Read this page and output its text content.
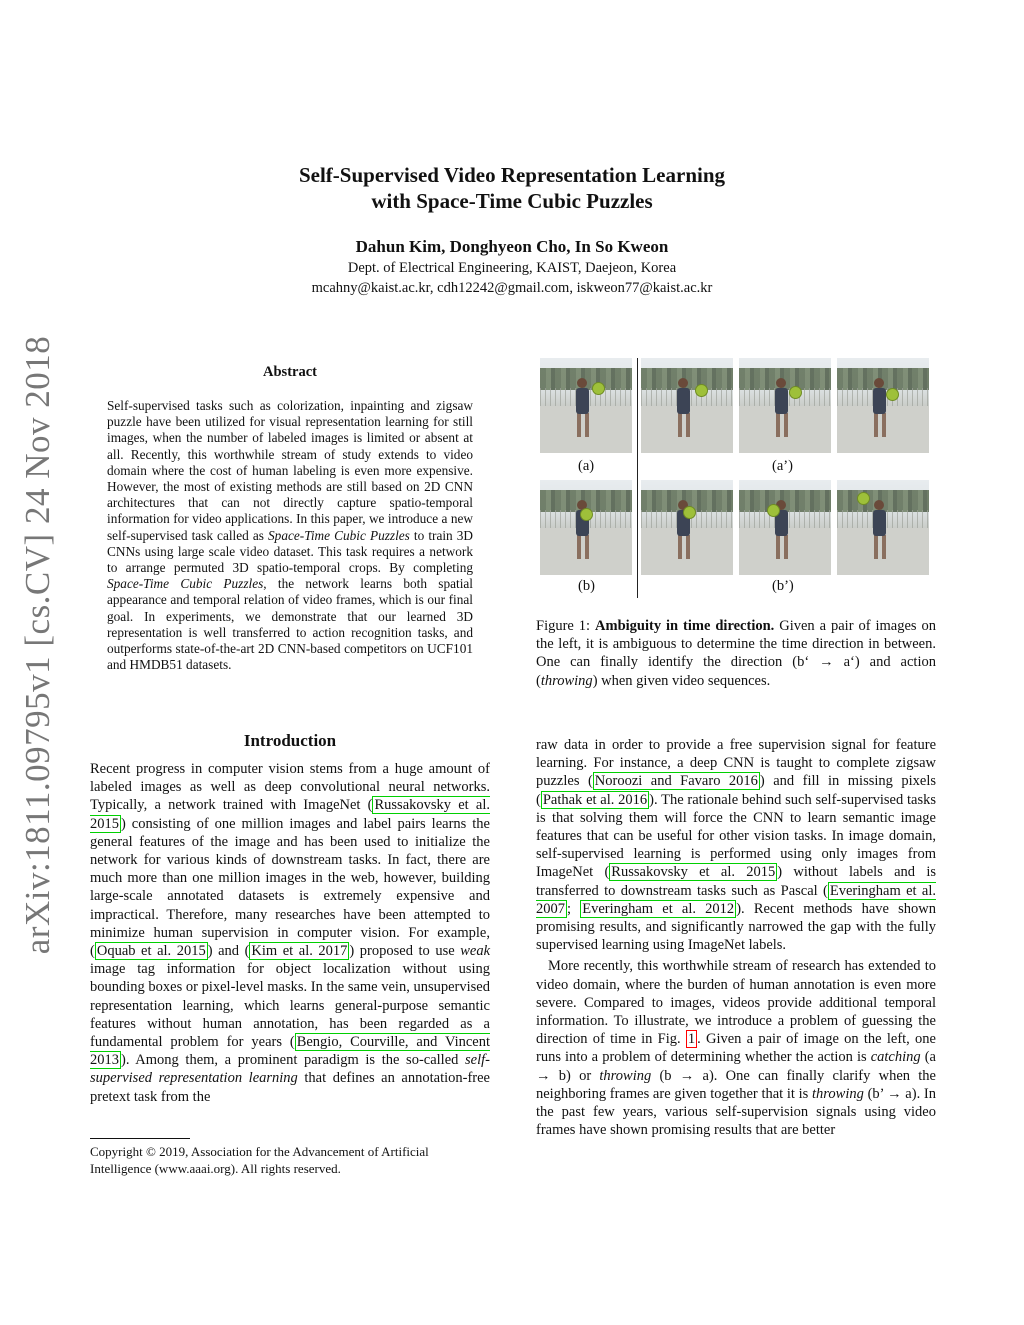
arXiv:1811.09795v1 [cs.CV] 24 Nov 2018
Self-Supervised Video Representation Learning
with Space-Time Cubic Puzzles
Dahun Kim, Donghyeon Cho, In So Kweon
Dept. of Electrical Engineering, KAIST, Daejeon, Korea
mcahny@kaist.ac.kr, cdh12242@gmail.com, iskweon77@kaist.ac.kr
Abstract
Self-supervised tasks such as colorization, inpainting and zigsaw puzzle have been utilized for visual representation learning for still images, when the number of labeled images is limited or absent at all. Recently, this worthwhile stream of study extends to video domain where the cost of human labeling is even more expensive. However, the most of existing methods are still based on 2D CNN architectures that can not directly capture spatio-temporal information for video applications. In this paper, we introduce a new self-supervised task called as Space-Time Cubic Puzzles to train 3D CNNs using large scale video dataset. This task requires a network to arrange permuted 3D spatio-temporal crops. By completing Space-Time Cubic Puzzles, the network learns both spatial appearance and temporal relation of video frames, which is our final goal. In experiments, we demonstrate that our learned 3D representation is well transferred to action recognition tasks, and outperforms state-of-the-art 2D CNN-based competitors on UCF101 and HMDB51 datasets.
Introduction

Recent progress in computer vision stems from a huge amount of labeled images as well as deep convolutional neural networks. Typically, a network trained with ImageNet ( Russakovsky et al. 2015 ) consisting of one million images and label pairs learns the general features of the image and has been used to initialize the network for various kinds of downstream tasks. In fact, there are much more than one million images in the web, however, building large-scale annotated datasets is extremely expensive and impractical. Therefore, many researches have been attempted to minimize human supervision in computer vision. For example, ( Oquab et al. 2015 ) and ( Kim et al. 2017 ) proposed to use weak image tag information for object localization without using bounding boxes or pixel-level masks. In the same vein, unsupervised representation learning, which learns general-purpose semantic features without human annotation, has been regarded as a fundamental problem for years ( Bengio, Courville, and Vincent 2013 ). Among them, a prominent paradigm is the so-called self-supervised representation learning that defines an annotation-free pretext task from the

Copyright © 2019, Association for the Advancement of Artificial Intelligence (www.aaai.org). All rights reserved.
(a)	(a’)
(b)	(b’)
Figure 1: Ambiguity in time direction. Given a pair of images on the left, it is ambiguous to determine the time direction in between. One can finally identify the direction (b‘ → a‘) and action (throwing) when given video sequences.

raw data in order to provide a free supervision signal for feature learning. For instance, a deep CNN is taught to complete zigsaw puzzles ( Noroozi and Favaro 2016 ) and fill in missing pixels ( Pathak et al. 2016 ). The rationale behind such self-supervised tasks is that solving them will force the CNN to learn semantic image features that can be useful for other vision tasks. In image domain, self-supervised learning is performed using only images from ImageNet ( Russakovsky et al. 2015 ) without labels and is transferred to downstream tasks such as Pascal ( Everingham et al. 2007 ; Everingham et al. 2012 ). Recent methods have shown promising results, and significantly narrowed the gap with the fully supervised learning using ImageNet labels.

More recently, this worthwhile stream of research has extended to video domain, where the burden of human annotation is even more severe. Compared to images, videos provide additional temporal information. To illustrate, we introduce a problem of guessing the direction of time in Fig. 1 . Given a pair of image on the left, one runs into a problem of determining whether the action is catching (a → b) or throwing (b → a). One can finally clarify when the neighboring frames are given together that it is throwing (b’ → a). In the past few years, various self-supervision signals using video frames have shown promising results that are better
